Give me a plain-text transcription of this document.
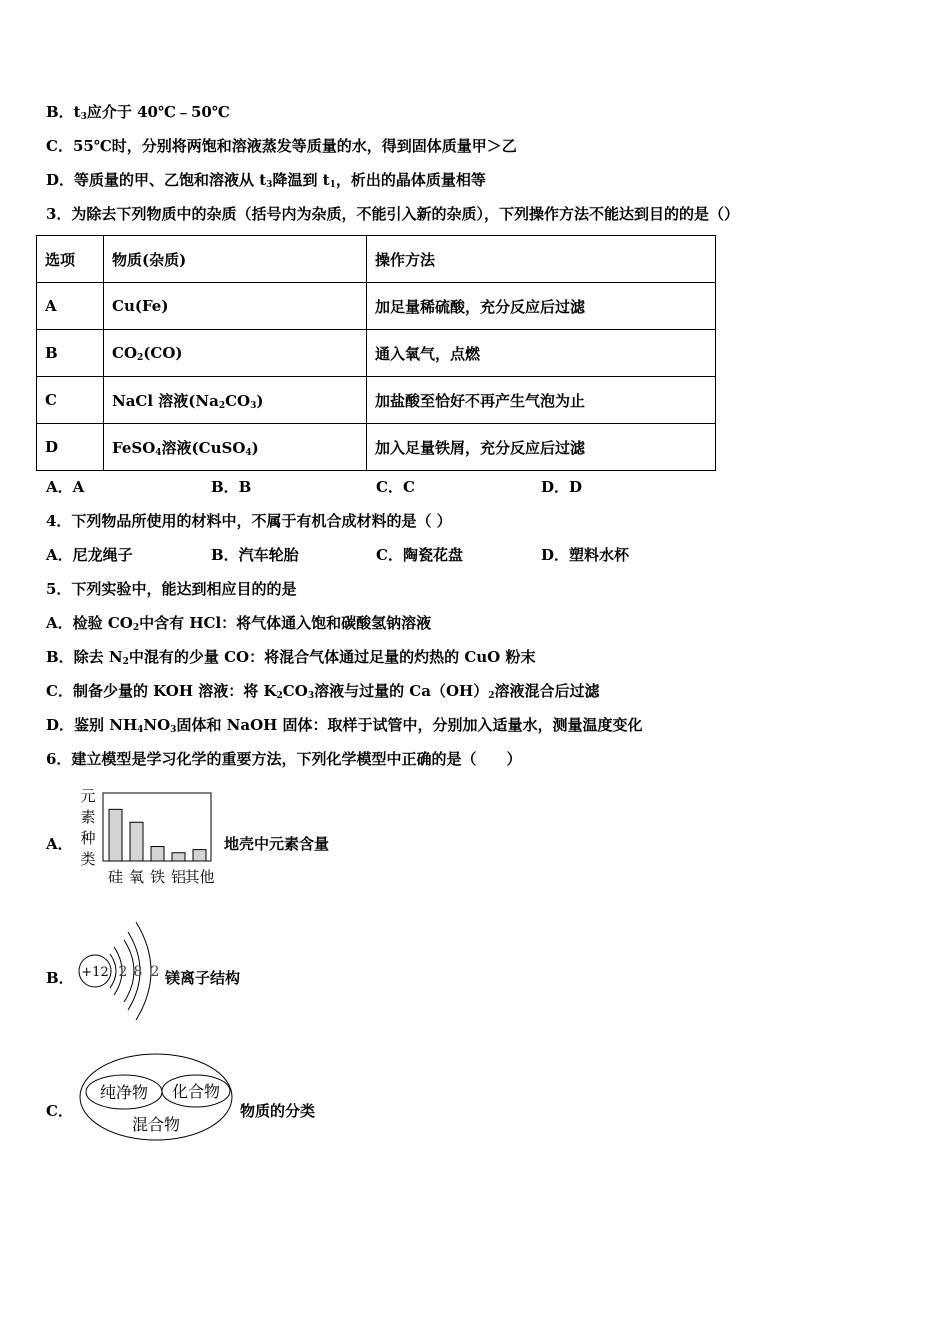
B．$t_3$应介于 40℃﹣50℃
C．55℃时，分别将两饱和溶液蒸发等质量的水，得到固体质量甲＞乙
D．等质量的甲、乙饱和溶液从 $t_3$降温到 $t_1$，析出的晶体质量相等
3．为除去下列物质中的杂质（括号内为杂质，不能引入新的杂质），下列操作方法不能达到目的的是（）
选项	物质(杂质)	操作方法
A	Cu(Fe)	加足量稀硫酸，充分反应后过滤
B	$CO_2(CO)$	通入氧气，点燃
C	NaCl 溶液$(Na_2CO_3)$	加盐酸至恰好不再产生气泡为止
D	FeSO$_4$溶液(CuSO$_4$)	加入足量铁屑，充分反应后过滤
A．A	B．B	C．C	D．D
4．下列物品所使用的材料中，不属于有机合成材料的是（ ）
A．尼龙绳子	B．汽车轮胎	C．陶瓷花盘	D．塑料水杯
5．下列实验中，能达到相应目的的是
A．检验 $CO_2$中含有 HCl：将气体通入饱和碳酸氢钠溶液
B．除去 $N_2$中混有的少量 CO：将混合气体通过足量的灼热的 CuO 粉末
C．制备少量的 KOH 溶液：将 $K_2CO_3$溶液与过量的 $Ca(OH)_2$溶液混合后过滤
D．鉴别 $NH_4NO_3$固体和 NaOH 固体：取样于试管中，分别加入适量水，测量温度变化
6．建立模型是学习化学的重要方法，下列化学模型中正确的是（　　）
A．
元
素
种
类
硅 氧 铁 铝
其他
地壳中元素含量
B． +12 2 8 2 镁离子结构
C．
纯净物 化合物
混合物
物质的分类
